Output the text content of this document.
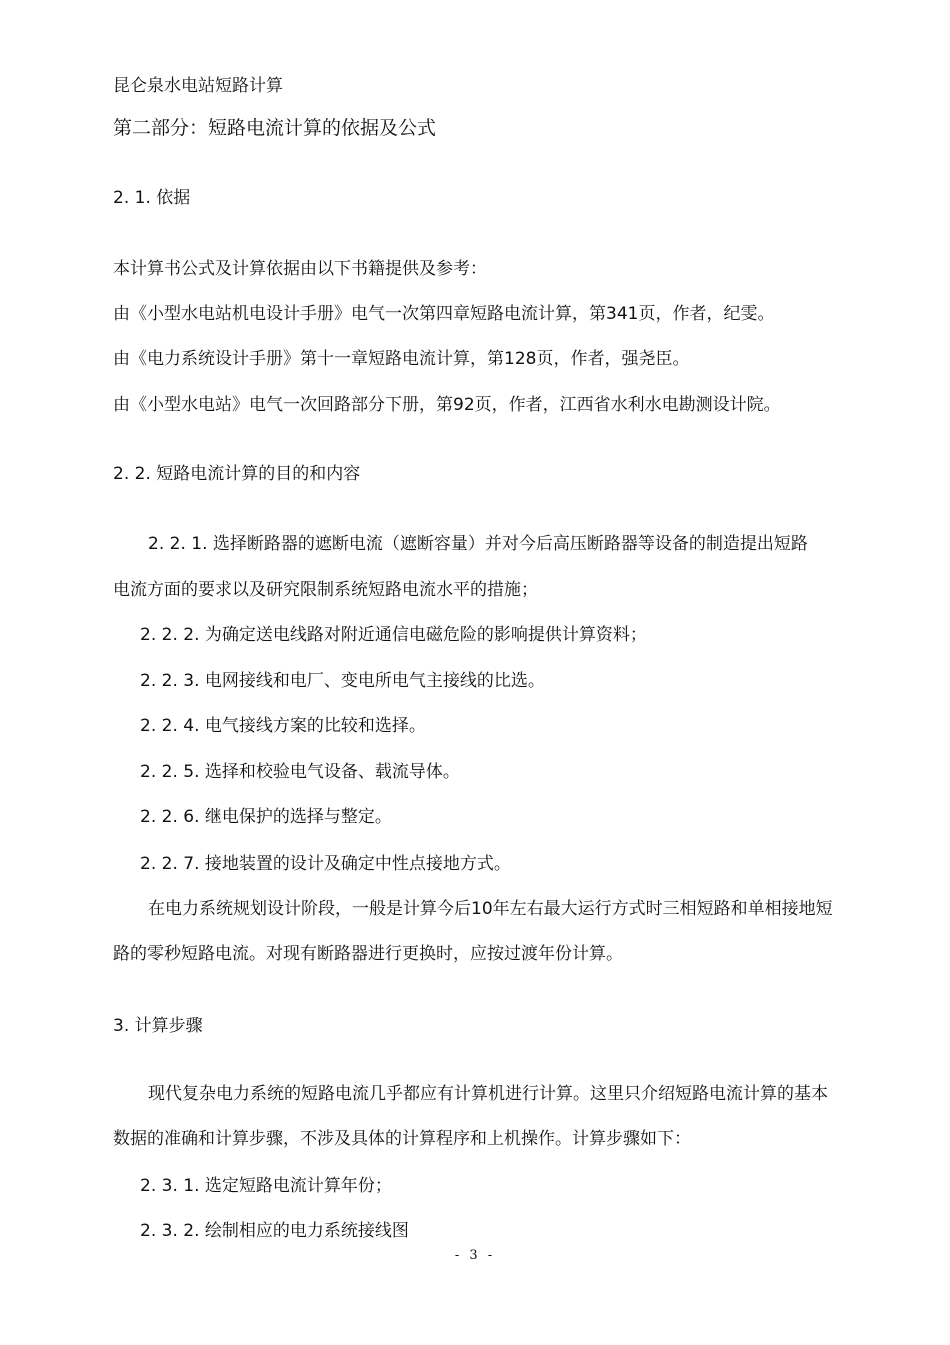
昆仑泉水电站短路计算
第二部分：短路电流计算的依据及公式
2. 1. 依据
本计算书公式及计算依据由以下书籍提供及参考：
由《小型水电站机电设计手册》电气一次第四章短路电流计算，第341页，作者，纪雯。
由《电力系统设计手册》第十一章短路电流计算，第128页，作者，强尧臣。
由《小型水电站》电气一次回路部分下册，第92页，作者，江西省水利水电勘测设计院。
2. 2. 短路电流计算的目的和内容
2. 2. 1. 选择断路器的遮断电流（遮断容量）并对今后高压断路器等设备的制造提出短路
电流方面的要求以及研究限制系统短路电流水平的措施；
2. 2. 2. 为确定送电线路对附近通信电磁危险的影响提供计算资料；
2. 2. 3. 电网接线和电厂、变电所电气主接线的比选。
2. 2. 4. 电气接线方案的比较和选择。
2. 2. 5. 选择和校验电气设备、载流导体。
2. 2. 6. 继电保护的选择与整定。
2. 2. 7. 接地装置的设计及确定中性点接地方式。
在电力系统规划设计阶段，一般是计算今后10年左右最大运行方式时三相短路和单相接地短
路的零秒短路电流。对现有断路器进行更换时，应按过渡年份计算。
3. 计算步骤
现代复杂电力系统的短路电流几乎都应有计算机进行计算。这里只介绍短路电流计算的基本
数据的准确和计算步骤，不涉及具体的计算程序和上机操作。计算步骤如下：
2. 3. 1. 选定短路电流计算年份；
2. 3. 2. 绘制相应的电力系统接线图
- 3 -
